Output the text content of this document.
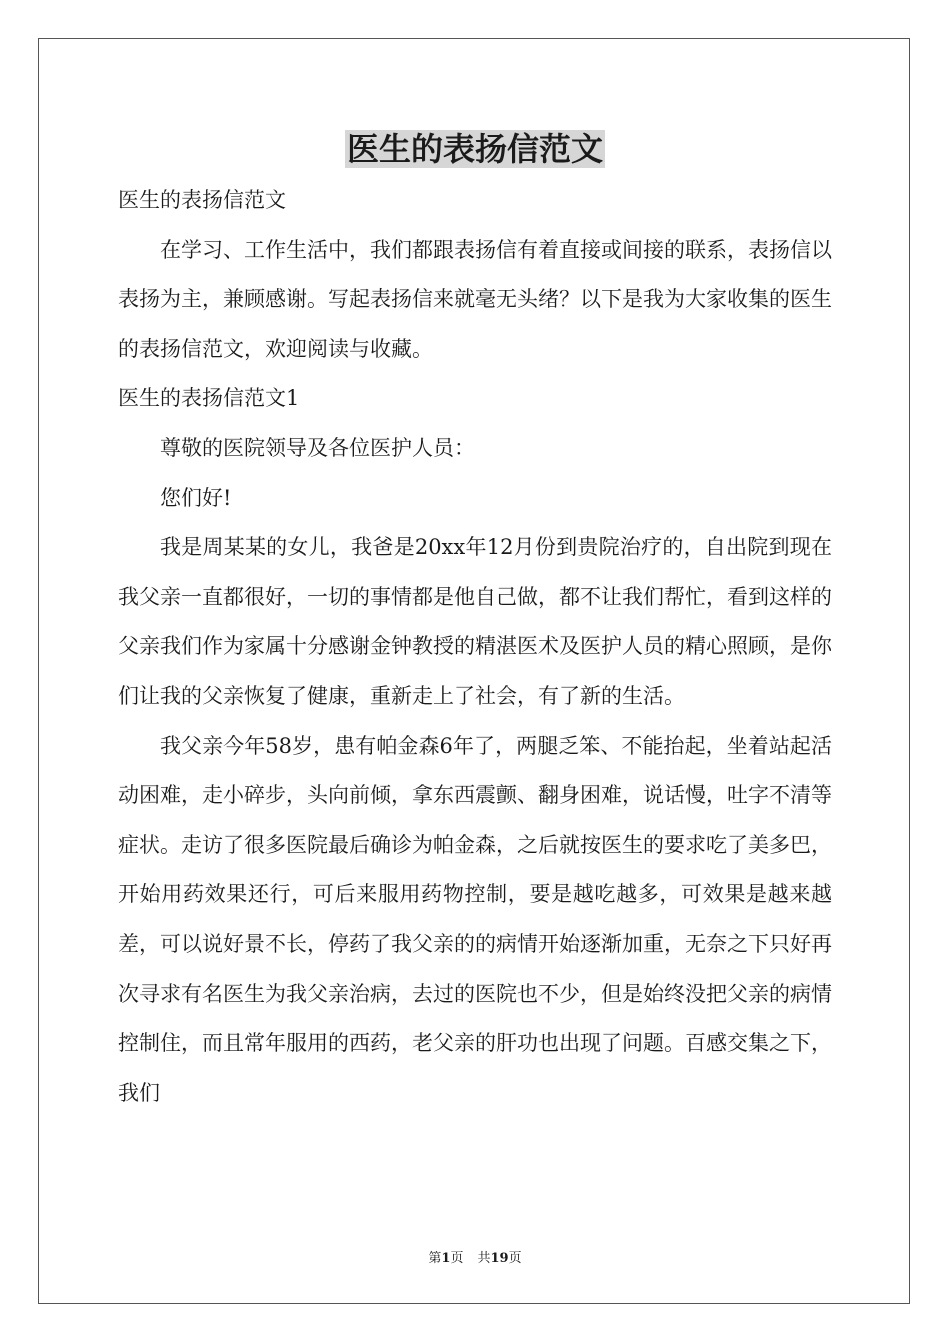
医生的表扬信范文

医生的表扬信范文

在学习、工作生活中，我们都跟表扬信有着直接或间接的联系，表扬信以表扬为主，兼顾感谢。写起表扬信来就毫无头绪？以下是我为大家收集的医生的表扬信范文，欢迎阅读与收藏。

医生的表扬信范文1

尊敬的医院领导及各位医护人员：

您们好!

我是周某某的女儿，我爸是20xx年12月份到贵院治疗的，自出院到现在我父亲一直都很好，一切的事情都是他自己做，都不让我们帮忙，看到这样的父亲我们作为家属十分感谢金钟教授的精湛医术及医护人员的精心照顾，是你们让我的父亲恢复了健康，重新走上了社会，有了新的生活。

我父亲今年58岁，患有帕金森6年了，两腿乏笨、不能抬起，坐着站起活动困难，走小碎步，头向前倾，拿东西震颤、翻身困难，说话慢，吐字不清等症状。走访了很多医院最后确诊为帕金森，之后就按医生的要求吃了美多巴，开始用药效果还行，可后来服用药物控制，要是越吃越多，可效果是越来越差，可以说好景不长，停药了我父亲的的病情开始逐渐加重，无奈之下只好再次寻求有名医生为我父亲治病，去过的医院也不少，但是始终没把父亲的病情控制住，而且常年服用的西药，老父亲的肝功也出现了问题。百感交集之下，我们

第1页 共19页
